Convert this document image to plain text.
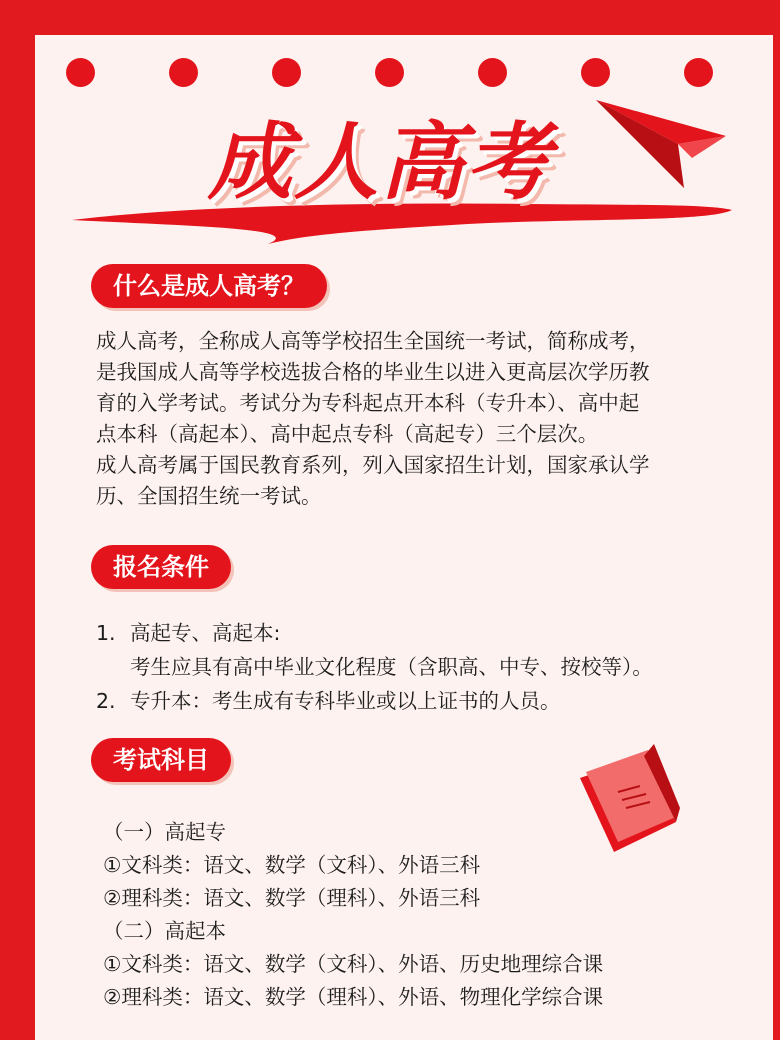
成人高考
什么是成人高考？
成人高考，全称成人高等学校招生全国统一考试，简称成考，
是我国成人高等学校选拔合格的毕业生以进入更高层次学历教
育的入学考试。考试分为专科起点开本科（专升本）、高中起
点本科（高起本）、高中起点专科（高起专）三个层次。
成人高考属于国民教育系列，列入国家招生计划，国家承认学
历、全国招生统一考试。
报名条件
1. 高起专、高起本:
考生应具有高中毕业文化程度（含职高、中专、按校等）。
2. 专升本：考生成有专科毕业或以上证书的人员。
考试科目
（一）高起专
①文科类：语文、数学（文科）、外语三科
②理科类：语文、数学（理科）、外语三科
（二）高起本
①文科类：语文、数学（文科）、外语、历史地理综合课
②理科类：语文、数学（理科）、外语、物理化学综合课
